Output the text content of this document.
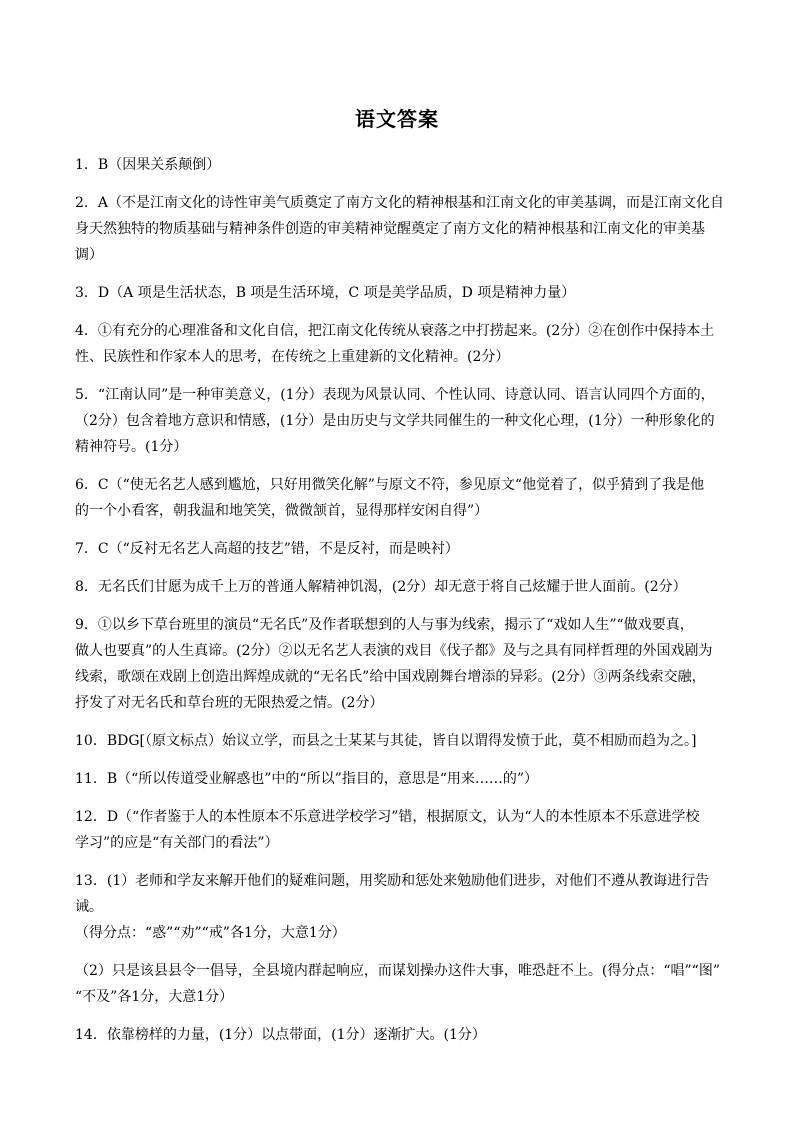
语文答案
1．B（因果关系颠倒）
2．A（不是江南文化的诗性审美气质奠定了南方文化的精神根基和江南文化的审美基调，而是江南文化自
身天然独特的物质基础与精神条件创造的审美精神觉醒奠定了南方文化的精神根基和江南文化的审美基
调）
3．D（A 项是生活状态，B 项是生活环境，C 项是美学品质，D 项是精神力量）
4．①有充分的心理准备和文化自信，把江南文化传统从衰落之中打捞起来。(2分）②在创作中保持本土
性、民族性和作家本人的思考，在传统之上重建新的文化精神。(2分）
5．“江南认同”是一种审美意义，(1分）表现为风景认同、个性认同、诗意认同、语言认同四个方面的，
（2分）包含着地方意识和情感，(1分）是由历史与文学共同催生的一种文化心理，(1分）一种形象化的
精神符号。(1分）
6．C（“使无名艺人感到尴尬，只好用微笑化解”与原文不符，参见原文“他觉着了，似乎猜到了我是他
的一个小看客，朝我温和地笑笑，微微颔首，显得那样安闲自得”）
7．C（“反衬无名艺人高超的技艺”错，不是反衬，而是映衬）
8．无名氏们甘愿为成千上万的普通人解精神饥渴，(2分）却无意于将自己炫耀于世人面前。(2分）
9．①以乡下草台班里的演员“无名氏”及作者联想到的人与事为线索，揭示了“戏如人生”“做戏要真，
做人也要真”的人生真谛。(2分）②以无名艺人表演的戏目《伐子都》及与之具有同样哲理的外国戏剧为
线索，歌颂在戏剧上创造出辉煌成就的“无名氏”给中国戏剧舞台增添的异彩。(2分）③两条线索交融，
抒发了对无名氏和草台班的无限热爱之情。(2分）
10．BDG[（原文标点）始议立学，而县之士某某与其徒，皆自以谓得发愤于此，莫不相励而趋为之。]
11．B（“所以传道受业解惑也”中的“所以”指目的，意思是“用来……的”）
12．D（“作者鉴于人的本性原本不乐意进学校学习”错，根据原文，认为“人的本性原本不乐意进学校
学习”的应是“有关部门的看法”）
13．(1）老师和学友来解开他们的疑难问题，用奖励和惩处来勉励他们进步，对他们不遵从教诲进行告诫。
（得分点：“惑”“劝”“戒”各1分，大意1分）
（2）只是该县县令一倡导，全县境内群起响应，而谋划操办这件大事，唯恐赶不上。(得分点：“唱”“图”
“不及”各1分，大意1分）
14．依靠榜样的力量，(1分）以点带面，(1分）逐渐扩大。(1分）
